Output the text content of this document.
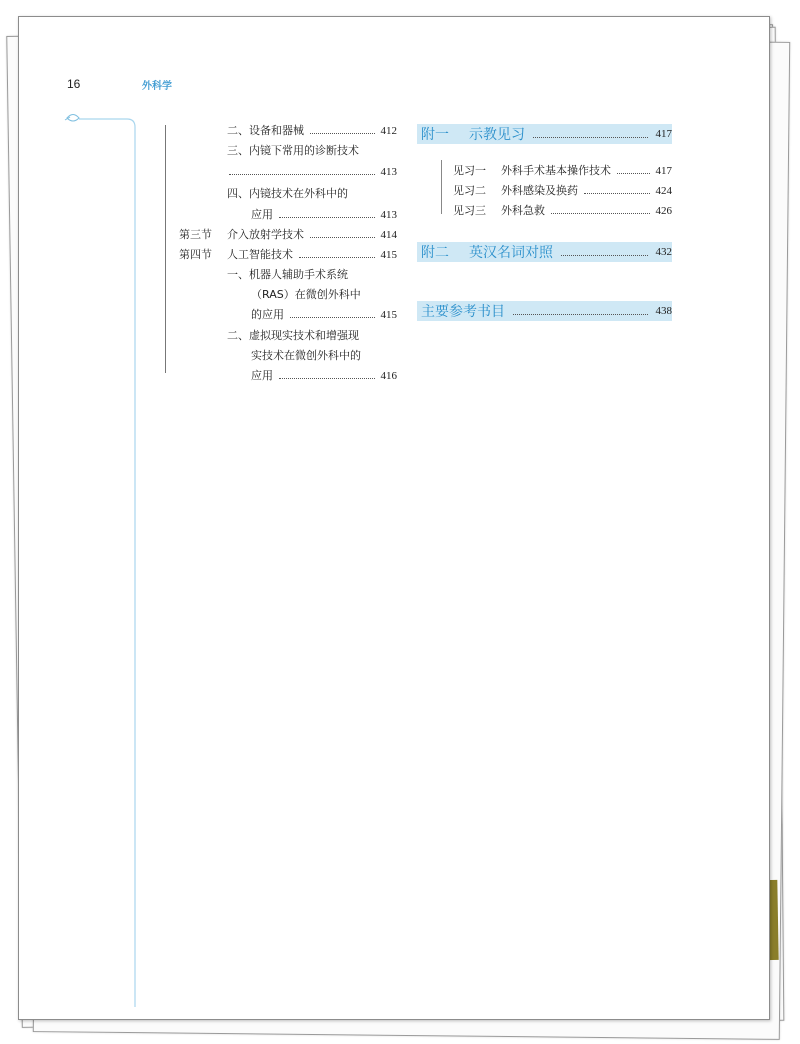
16	外科学
二、设备和器械	412
三、内镜下常用的诊断技术
413
四、内镜技术在外科中的
应用	413
第三节	介入放射学技术	414
第四节	人工智能技术	415
一、机器人辅助手术系统
（RAS）在微创外科中
的应用	415
二、虚拟现实技术和增强现
实技术在微创外科中的
应用	416
附一 示教见习	417
见习一	外科手术基本操作技术	417
见习二	外科感染及换药	424
见习三	外科急救	426
附二 英汉名词对照	432
主要参考书目	438
